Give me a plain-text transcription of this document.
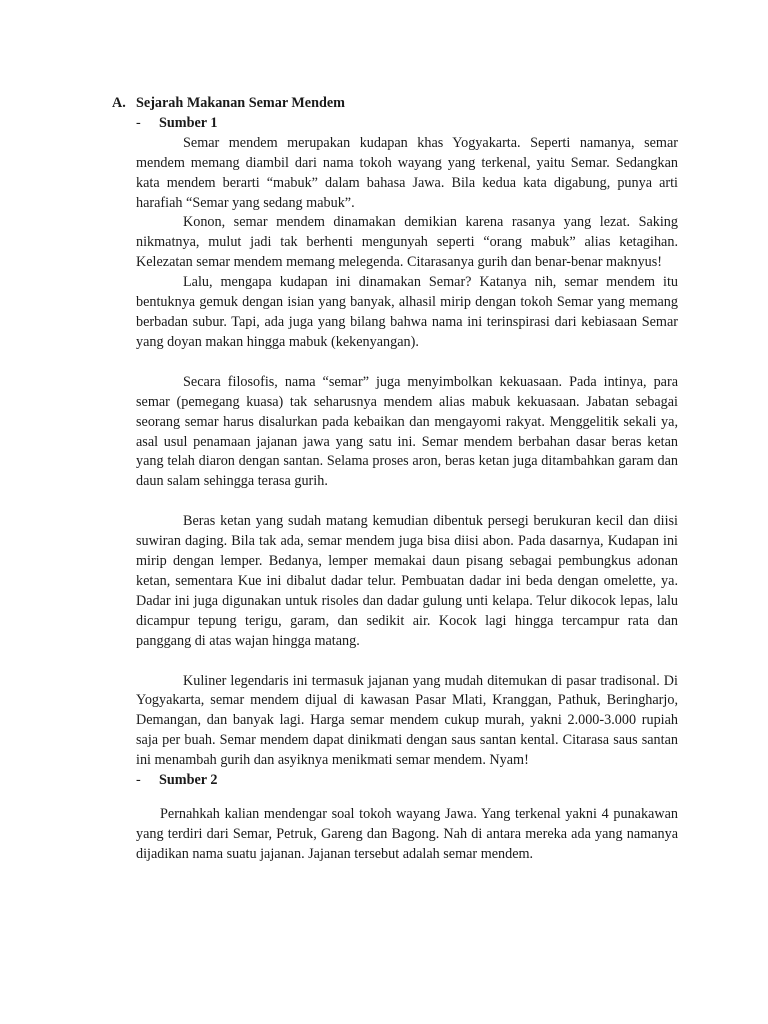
A. Sejarah Makanan Semar Mendem
-	Sumber 1

Semar mendem merupakan kudapan khas Yogyakarta. Seperti namanya, semar mendem memang diambil dari nama tokoh wayang yang terkenal, yaitu Semar. Sedangkan kata mendem berarti “mabuk” dalam bahasa Jawa. Bila kedua kata digabung, punya arti harafiah “Semar yang sedang mabuk”.

Konon, semar mendem dinamakan demikian karena rasanya yang lezat. Saking nikmatnya, mulut jadi tak berhenti mengunyah seperti “orang mabuk” alias ketagihan. Kelezatan semar mendem memang melegenda. Citarasanya gurih dan benar-benar maknyus!

Lalu, mengapa kudapan ini dinamakan Semar? Katanya nih, semar mendem itu bentuknya gemuk dengan isian yang banyak, alhasil mirip dengan tokoh Semar yang memang berbadan subur. Tapi, ada juga yang bilang bahwa nama ini terinspirasi dari kebiasaan Semar yang doyan makan hingga mabuk (kekenyangan).

Secara filosofis, nama “semar” juga menyimbolkan kekuasaan. Pada intinya, para semar (pemegang kuasa) tak seharusnya mendem alias mabuk kekuasaan. Jabatan sebagai seorang semar harus disalurkan pada kebaikan dan mengayomi rakyat. Menggelitik sekali ya, asal usul penamaan jajanan jawa yang satu ini. Semar mendem berbahan dasar beras ketan yang telah diaron dengan santan. Selama proses aron, beras ketan juga ditambahkan garam dan daun salam sehingga terasa gurih.

Beras ketan yang sudah matang kemudian dibentuk persegi berukuran kecil dan diisi suwiran daging. Bila tak ada, semar mendem juga bisa diisi abon. Pada dasarnya, Kudapan ini mirip dengan lemper. Bedanya, lemper memakai daun pisang sebagai pembungkus adonan ketan, sementara Kue ini dibalut dadar telur. Pembuatan dadar ini beda dengan omelette, ya. Dadar ini juga digunakan untuk risoles dan dadar gulung unti kelapa. Telur dikocok lepas, lalu dicampur tepung terigu, garam, dan sedikit air. Kocok lagi hingga tercampur rata dan panggang di atas wajan hingga matang.

Kuliner legendaris ini termasuk jajanan yang mudah ditemukan di pasar tradisonal. Di Yogyakarta, semar mendem dijual di kawasan Pasar Mlati, Kranggan, Pathuk, Beringharjo, Demangan, dan banyak lagi. Harga semar mendem cukup murah, yakni 2.000-3.000 rupiah saja per buah. Semar mendem dapat dinikmati dengan saus santan kental. Citarasa saus santan ini menambah gurih dan asyiknya menikmati semar mendem. Nyam!

-	Sumber 2

Pernahkah kalian mendengar soal tokoh wayang Jawa. Yang terkenal yakni 4 punakawan yang terdiri dari Semar, Petruk, Gareng dan Bagong. Nah di antara mereka ada yang namanya dijadikan nama suatu jajanan. Jajanan tersebut adalah semar mendem.
